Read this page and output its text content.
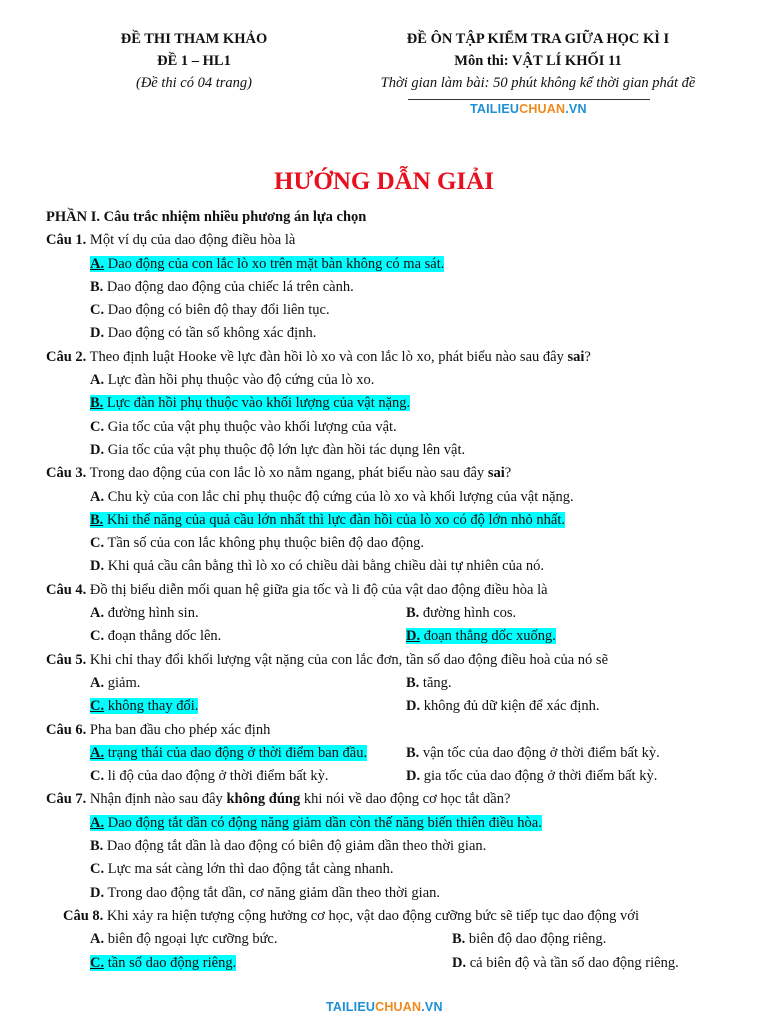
ĐỀ THI THAM KHẢO
ĐỀ 1 – HL1
(Đề thi có 04 trang)
ĐỀ ÔN TẬP KIỂM TRA GIỮA HỌC KÌ I
Môn thi: VẬT LÍ KHỐI 11
Thời gian làm bài: 50 phút không kể thời gian phát đề
TAILIEUCHUAN.VN
HƯỚNG DẪN GIẢI
PHẦN I. Câu trắc nhiệm nhiều phương án lựa chọn
Câu 1. Một ví dụ của dao động điều hòa là
A. Dao động của con lắc lò xo trên mặt bàn không có ma sát.
B. Dao động dao động của chiếc lá trên cành.
C. Dao động có biên độ thay đổi liên tục.
D. Dao động có tần số không xác định.
Câu 2. Theo định luật Hooke về lực đàn hồi lò xo và con lắc lò xo, phát biểu nào sau đây sai?
A. Lực đàn hồi phụ thuộc vào độ cứng của lò xo.
B. Lực đàn hồi phụ thuộc vào khối lượng của vật nặng.
C. Gia tốc của vật phụ thuộc vào khối lượng của vật.
D. Gia tốc của vật phụ thuộc độ lớn lực đàn hồi tác dụng lên vật.
Câu 3. Trong dao động của con lắc lò xo nằm ngang, phát biểu nào sau đây sai?
A. Chu kỳ của con lắc chỉ phụ thuộc độ cứng của lò xo và khối lượng của vật nặng.
B. Khi thế năng của quả cầu lớn nhất thì lực đàn hồi của lò xo có độ lớn nhỏ nhất.
C. Tần số của con lắc không phụ thuộc biên độ dao động.
D. Khi quả cầu cân bằng thì lò xo có chiều dài bằng chiều dài tự nhiên của nó.
Câu 4. Đồ thị biểu diễn mối quan hệ giữa gia tốc và li độ của vật dao động điều hòa là
A. đường hình sin.	B. đường hình cos.
C. đoạn thẳng dốc lên.	D. đoạn thẳng dốc xuống.
Câu 5. Khi chỉ thay đổi khối lượng vật nặng của con lắc đơn, tần số dao động điều hoà của nó sẽ
A. giảm.	B. tăng.
C. không thay đổi.	D. không đủ dữ kiện để xác định.
Câu 6. Pha ban đầu cho phép xác định
A. trạng thái của dao động ở thời điểm ban đầu.	B. vận tốc của dao động ở thời điểm bất kỳ.
C. li độ của dao động ở thời điểm bất kỳ.	D. gia tốc của dao động ở thời điểm bất kỳ.
Câu 7. Nhận định nào sau đây không đúng khi nói về dao động cơ học tắt dần?
A. Dao động tắt dần có động năng giảm dần còn thế năng biến thiên điều hòa.
B. Dao động tắt dần là dao động có biên độ giảm dần theo thời gian.
C. Lực ma sát càng lớn thì dao động tắt càng nhanh.
D. Trong dao động tắt dần, cơ năng giảm dần theo thời gian.
Câu 8. Khi xảy ra hiện tượng cộng hưởng cơ học, vật dao động cưỡng bức sẽ tiếp tục dao động với
A. biên độ ngoại lực cưỡng bức.	B. biên độ dao động riêng.
C. tần số dao động riêng.	D. cả biên độ và tần số dao động riêng.
TAILIEUCHUAN.VN
